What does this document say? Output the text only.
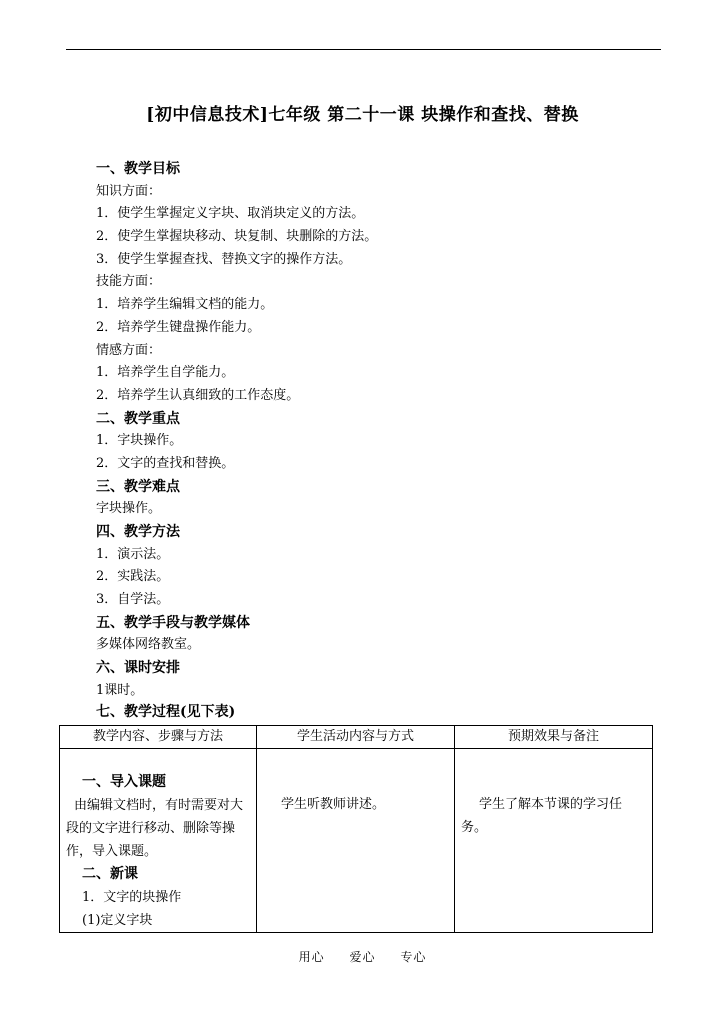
[初中信息技术]七年级 第二十一课 块操作和查找、替换
一、教学目标
知识方面：
1．使学生掌握定义字块、取消块定义的方法。
2．使学生掌握块移动、块复制、块删除的方法。
3．使学生掌握查找、替换文字的操作方法。
技能方面：
1．培养学生编辑文档的能力。
2．培养学生键盘操作能力。
情感方面：
1．培养学生自学能力。
2．培养学生认真细致的工作态度。
二、教学重点
1．字块操作。
2．文字的查找和替换。
三、教学难点
字块操作。
四、教学方法
1．演示法。
2．实践法。
3．自学法。
五、教学手段与教学媒体
多媒体网络教室。
六、课时安排
1课时。
七、教学过程(见下表)
教学内容、步骤与方法	学生活动内容与方式	预期效果与备注

一、导入课题
由编辑文档时，有时需要对大段的文字进行移动、删除等操作，导入课题。
二、新课
1．文字的块操作
(1)定义字块	学生听教师讲述。	学生了解本节课的学习任务。
用心 爱心 专心
